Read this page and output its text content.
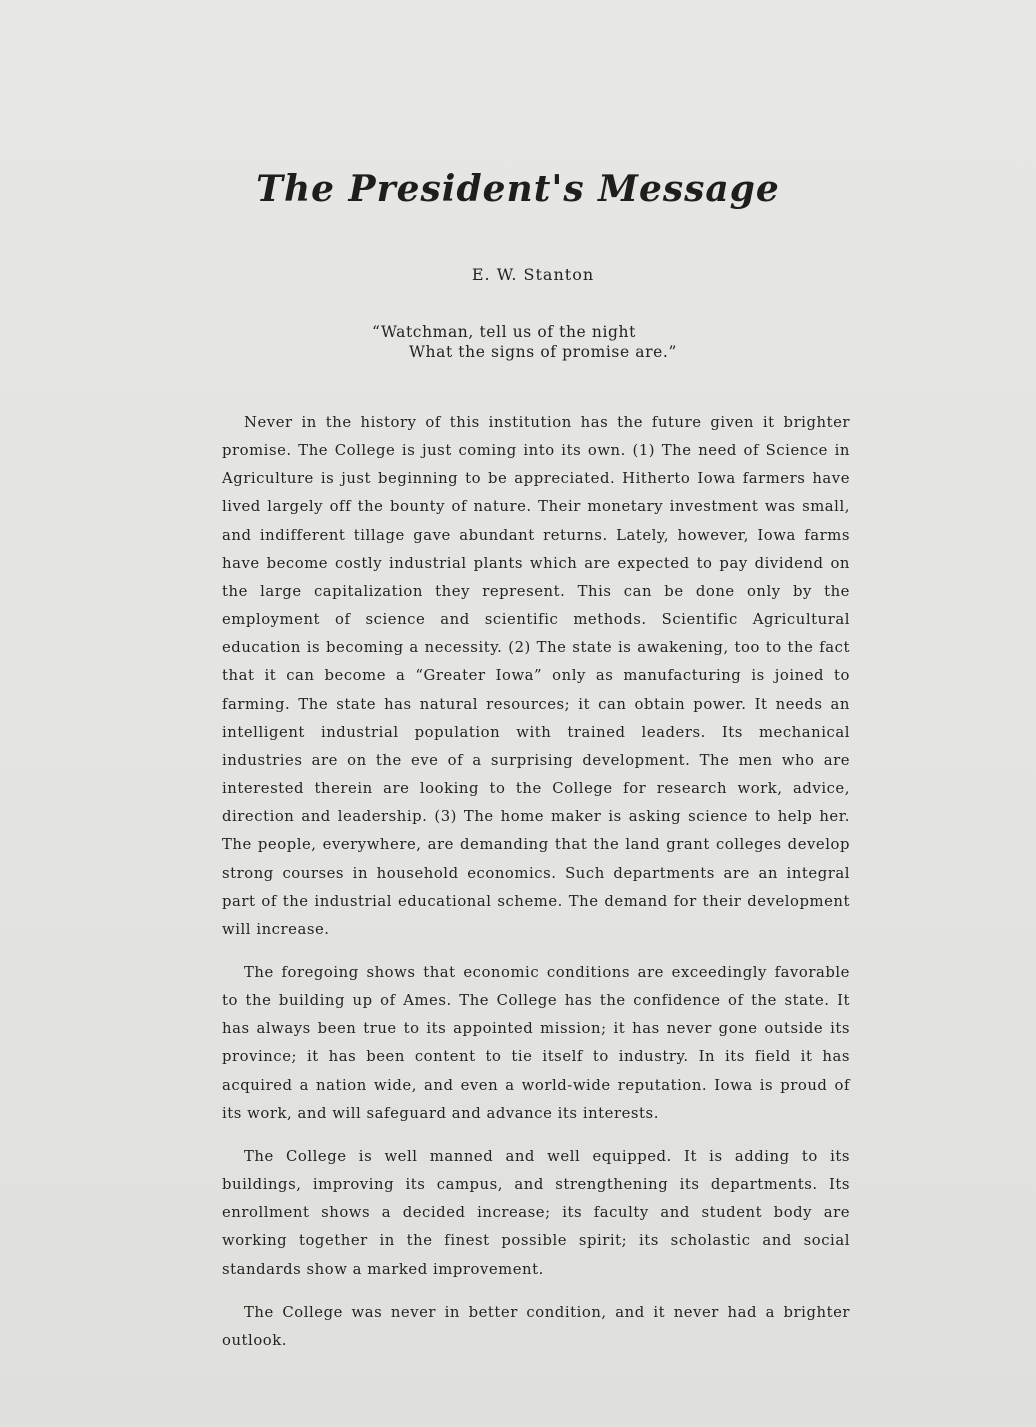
The President's Message
E. W. Stanton
“Watchman, tell us of the night
What the signs of promise are.”

Never in the history of this institution has the future given it brighter promise. The College is just coming into its own. (1) The need of Science in Agriculture is just beginning to be appreciated. Hitherto Iowa farmers have lived largely off the bounty of nature. Their monetary investment was small, and indifferent tillage gave abundant returns. Lately, however, Iowa farms have become costly industrial plants which are expected to pay dividend on the large capitalization they represent. This can be done only by the employment of science and scientific methods. Scientific Agricultural education is becoming a necessity. (2) The state is awakening, too to the fact that it can become a “Greater Iowa” only as manufacturing is joined to farming. The state has natural resources; it can obtain power. It needs an intelligent industrial population with trained leaders. Its mechanical industries are on the eve of a surprising development. The men who are interested therein are looking to the College for research work, advice, direction and leadership. (3) The home maker is asking science to help her. The people, everywhere, are demanding that the land grant colleges develop strong courses in household economics. Such departments are an integral part of the industrial educational scheme. The demand for their development will increase.

The foregoing shows that economic conditions are exceedingly favorable to the building up of Ames. The College has the confidence of the state. It has always been true to its appointed mission; it has never gone outside its province; it has been content to tie itself to industry. In its field it has acquired a nation wide, and even a world-wide reputation. Iowa is proud of its work, and will safeguard and advance its interests.

The College is well manned and well equipped. It is adding to its buildings, improving its campus, and strengthening its departments. Its enrollment shows a decided increase; its faculty and student body are working together in the finest possible spirit; its scholastic and social standards show a marked improvement.

The College was never in better condition, and it never had a brighter outlook.
